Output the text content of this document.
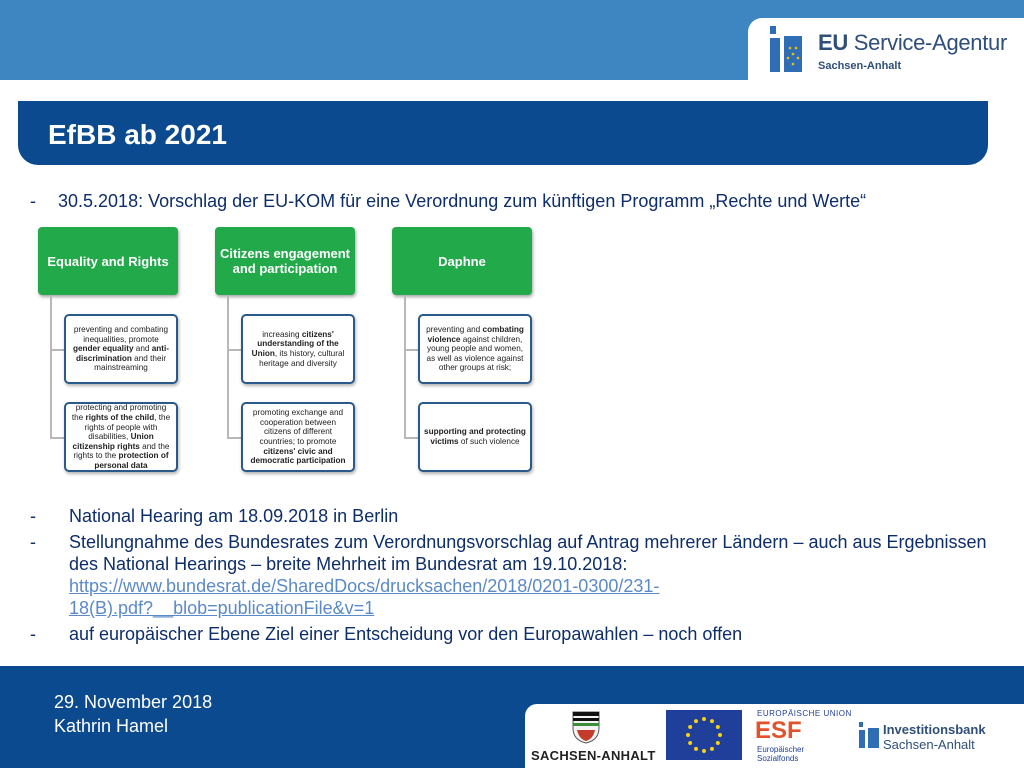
EU Service-Agentur
Sachsen-Anhalt
EfBB ab 2021
- 30.5.2018: Vorschlag der EU-KOM für eine Verordnung zum künftigen Programm „Rechte und Werte“
Equality and Rights
preventing and combating inequalities, promote gender equality and anti-discrimination and their mainstreaming
protecting and promoting the rights of the child, the rights of people with disabilities, Union citizenship rights and the rights to the protection of personal data
Citizens engagement and participation
increasing citizens' understanding of the Union, its history, cultural heritage and diversity
promoting exchange and cooperation between citizens of different countries; to promote citizens' civic and democratic participation
Daphne
preventing and combating violence against children, young people and women, as well as violence against other groups at risk;
supporting and protecting victims of such violence
- National Hearing am 18.09.2018 in Berlin
- Stellungnahme des Bundesrates zum Verordnungsvorschlag auf Antrag mehrerer Ländern – auch aus Ergebnissen des National Hearings – breite Mehrheit im Bundesrat am 19.10.2018:
https://www.bundesrat.de/SharedDocs/drucksachen/2018/0201-0300/231-
18(B).pdf?__blob=publicationFile&v=1
- auf europäischer Ebene Ziel einer Entscheidung vor den Europawahlen – noch offen
29. November 2018
Kathrin Hamel
SACHSEN-ANHALT
EUROPÄISCHE UNION
ESF
Europäischer
Sozialfonds
Investitionsbank
Sachsen-Anhalt
